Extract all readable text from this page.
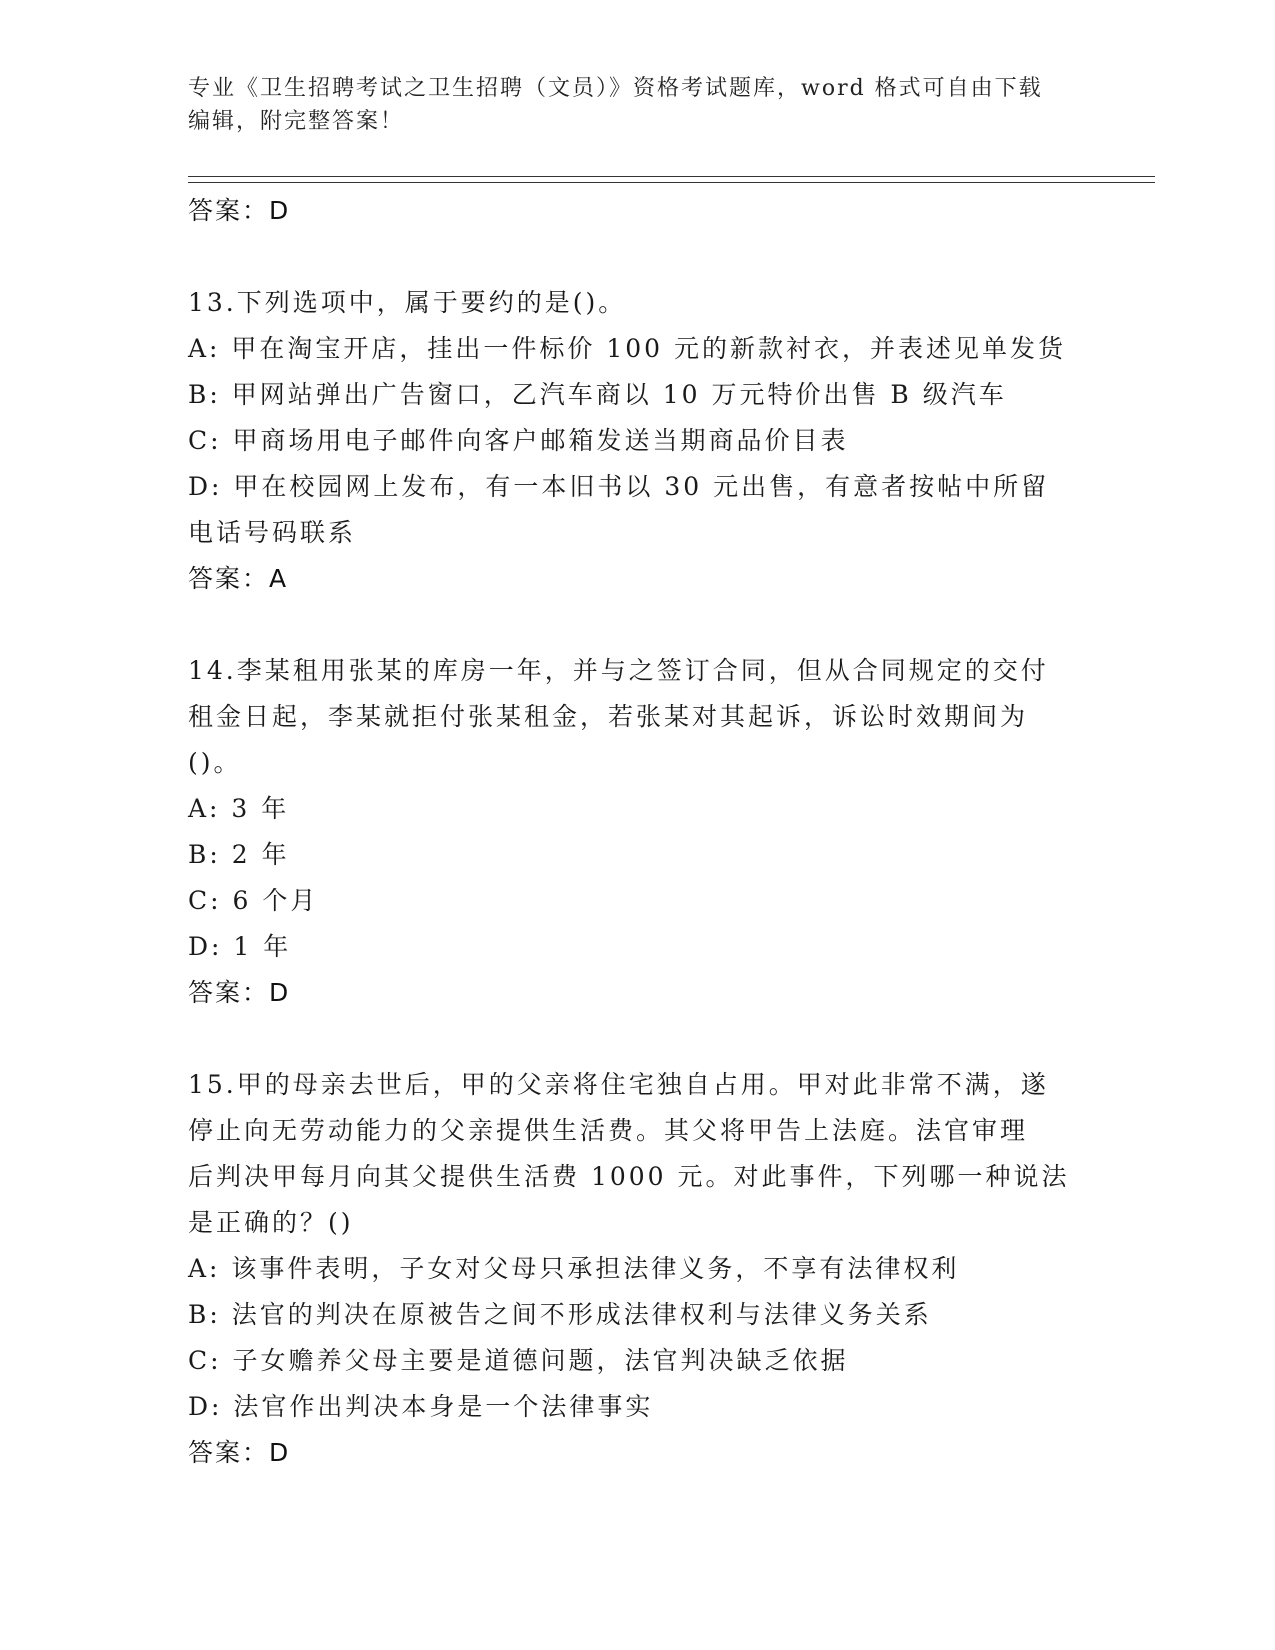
专业《卫生招聘考试之卫生招聘（文员）》资格考试题库，word 格式可自由下载
编辑，附完整答案！
答案：D
13.下列选项中，属于要约的是()。
A: 甲在淘宝开店，挂出一件标价 100 元的新款衬衣，并表述见单发货
B: 甲网站弹出广告窗口，乙汽车商以 10 万元特价出售 B 级汽车
C: 甲商场用电子邮件向客户邮箱发送当期商品价目表
D: 甲在校园网上发布，有一本旧书以 30 元出售，有意者按帖中所留
电话号码联系
答案：A
14.李某租用张某的库房一年，并与之签订合同，但从合同规定的交付
租金日起，李某就拒付张某租金，若张某对其起诉，诉讼时效期间为
()。
A: 3 年
B: 2 年
C: 6 个月
D: 1 年
答案：D
15.甲的母亲去世后，甲的父亲将住宅独自占用。甲对此非常不满，遂
停止向无劳动能力的父亲提供生活费。其父将甲告上法庭。法官审理
后判决甲每月向其父提供生活费 1000 元。对此事件，下列哪一种说法
是正确的？()
A: 该事件表明，子女对父母只承担法律义务，不享有法律权利
B: 法官的判决在原被告之间不形成法律权利与法律义务关系
C: 子女赡养父母主要是道德问题，法官判决缺乏依据
D: 法官作出判决本身是一个法律事实
答案：D
